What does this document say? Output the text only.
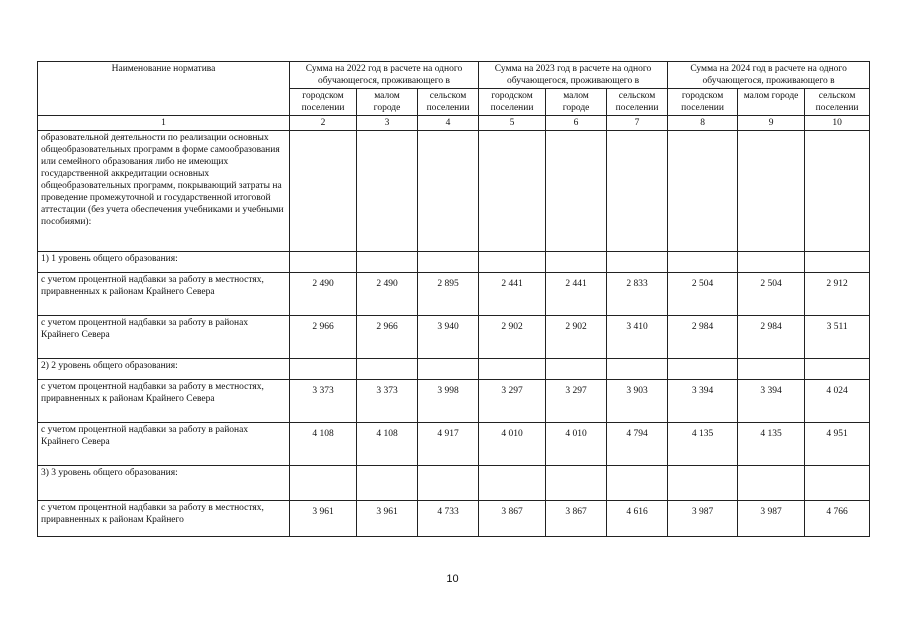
Наименование норматива	Сумма на 2022 год в расчете на одного обучающегося, проживающего в			Сумма на 2023 год в расчете на одного обучающегося, проживающего в			Сумма на 2024 год в расчете на одного обучающегося, проживающего в		
	городском поселении	малом городе	сельском поселении	городском поселении	малом городе	сельском поселении	городском поселении	малом городе	сельском поселении
1	2	3	4	5	6	7	8	9	10
образовательной деятельности по реализации основных общеобразовательных программ в форме самообразования или семейного образования либо не имеющих государственной аккредитации основных общеобразовательных программ, покрывающий затраты на проведение промежуточной и государственной итоговой аттестации (без учета обеспечения учебниками и учебными пособиями):									
1) 1 уровень общего образования:									
с учетом процентной надбавки за работу в местностях, приравненных к районам Крайнего Севера	2 490	2 490	2 895	2 441	2 441	2 833	2 504	2 504	2 912
с учетом процентной надбавки за работу в районах Крайнего Севера	2 966	2 966	3 940	2 902	2 902	3 410	2 984	2 984	3 511
2) 2 уровень общего образования:									
с учетом процентной надбавки за работу в местностях, приравненных к районам Крайнего Севера	3 373	3 373	3 998	3 297	3 297	3 903	3 394	3 394	4 024
с учетом процентной надбавки за работу в районах Крайнего Севера	4 108	4 108	4 917	4 010	4 010	4 794	4 135	4 135	4 951
3) 3 уровень общего образования:									
с учетом процентной надбавки за работу в местностях, приравненных к районам Крайнего	3 961	3 961	4 733	3 867	3 867	4 616	3 987	3 987	4 766
10
